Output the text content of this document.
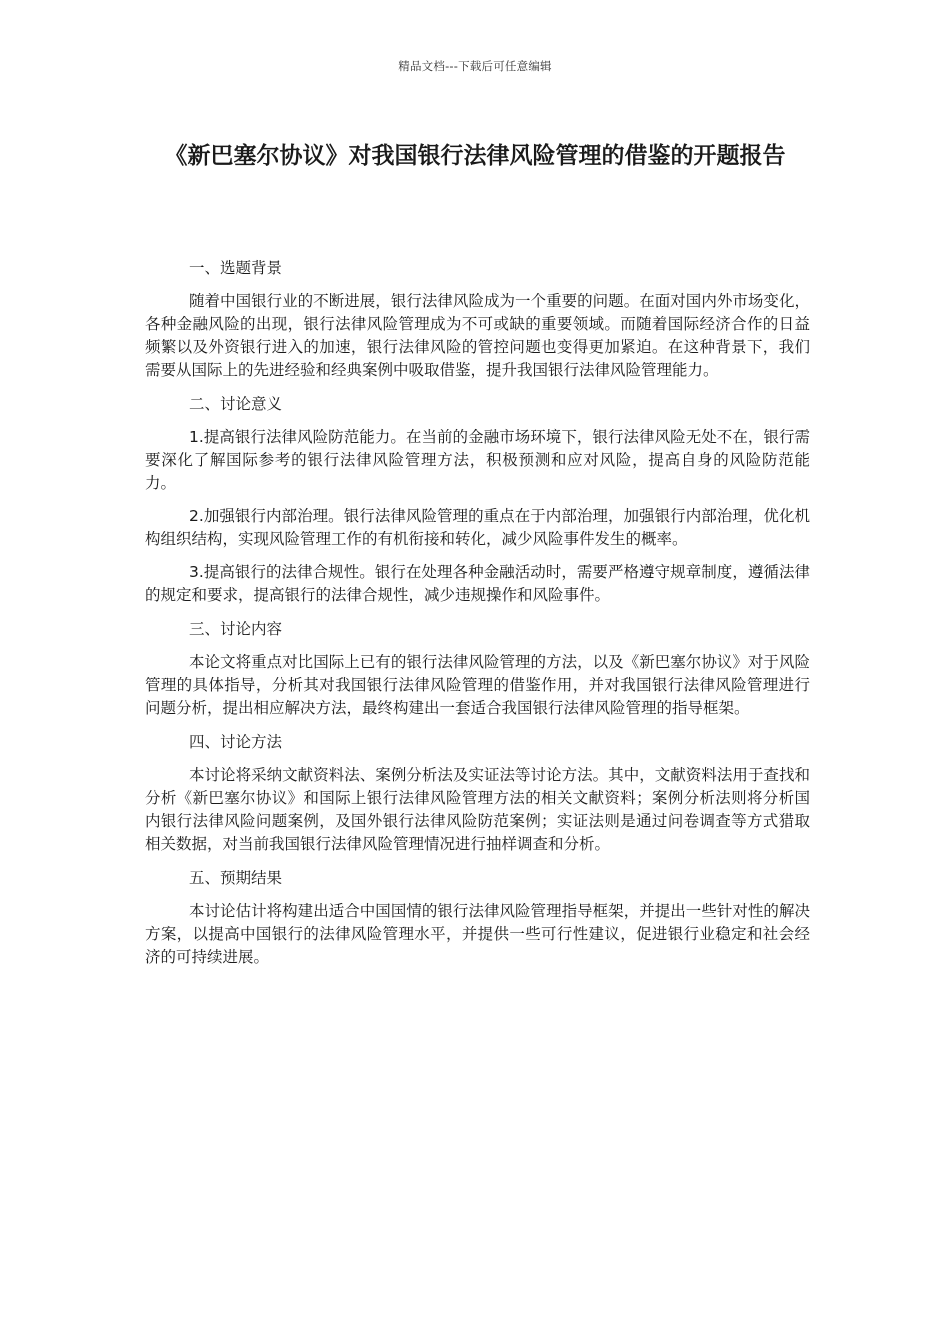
精品文档---下载后可任意编辑
《新巴塞尔协议》对我国银行法律风险管理的借鉴的开题报告

一、选题背景

随着中国银行业的不断进展，银行法律风险成为一个重要的问题。在面对国内外市场变化，各种金融风险的出现，银行法律风险管理成为不可或缺的重要领域。而随着国际经济合作的日益频繁以及外资银行进入的加速，银行法律风险的管控问题也变得更加紧迫。在这种背景下，我们需要从国际上的先进经验和经典案例中吸取借鉴，提升我国银行法律风险管理能力。

二、讨论意义

1.提高银行法律风险防范能力。在当前的金融市场环境下，银行法律风险无处不在，银行需要深化了解国际参考的银行法律风险管理方法，积极预测和应对风险，提高自身的风险防范能力。

2.加强银行内部治理。银行法律风险管理的重点在于内部治理，加强银行内部治理，优化机构组织结构，实现风险管理工作的有机衔接和转化，减少风险事件发生的概率。

3.提高银行的法律合规性。银行在处理各种金融活动时，需要严格遵守规章制度，遵循法律的规定和要求，提高银行的法律合规性，减少违规操作和风险事件。

三、讨论内容

本论文将重点对比国际上已有的银行法律风险管理的方法，以及《新巴塞尔协议》对于风险管理的具体指导，分析其对我国银行法律风险管理的借鉴作用，并对我国银行法律风险管理进行问题分析，提出相应解决方法，最终构建出一套适合我国银行法律风险管理的指导框架。

四、讨论方法

本讨论将采纳文献资料法、案例分析法及实证法等讨论方法。其中，文献资料法用于查找和分析《新巴塞尔协议》和国际上银行法律风险管理方法的相关文献资料；案例分析法则将分析国内银行法律风险问题案例，及国外银行法律风险防范案例；实证法则是通过问卷调查等方式猎取相关数据，对当前我国银行法律风险管理情况进行抽样调查和分析。

五、预期结果

本讨论估计将构建出适合中国国情的银行法律风险管理指导框架，并提出一些针对性的解决方案，以提高中国银行的法律风险管理水平，并提供一些可行性建议，促进银行业稳定和社会经济的可持续进展。
